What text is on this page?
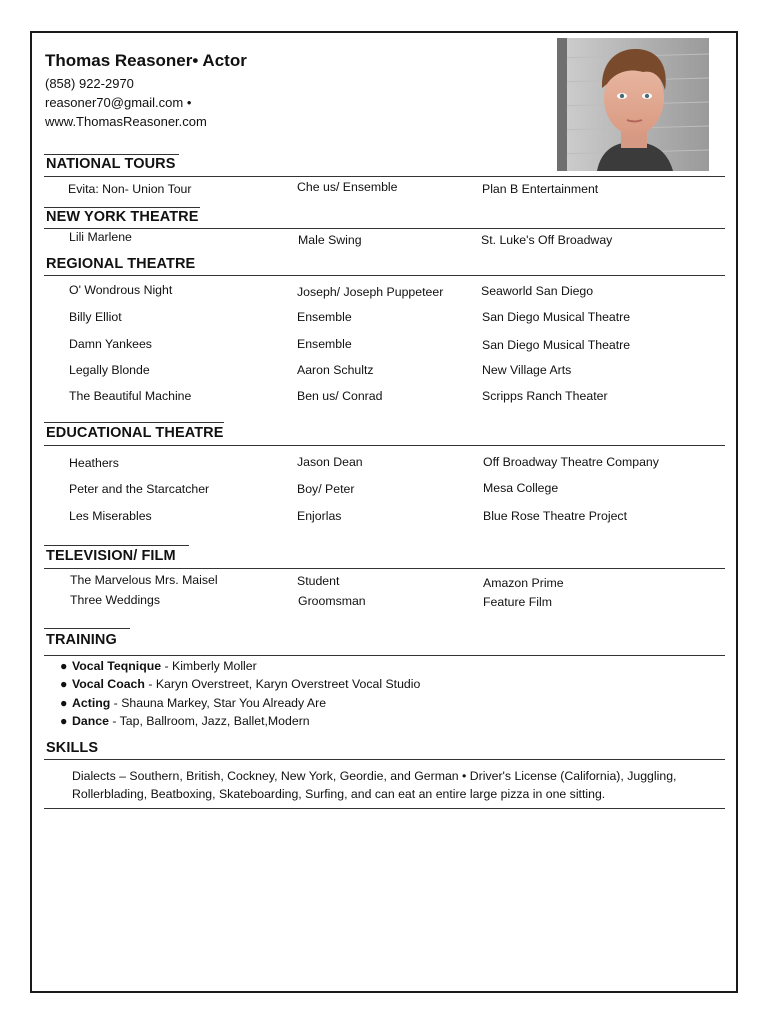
Thomas Reasoner• Actor
(858) 922-2970
reasoner70@gmail.com •
www.ThomasReasoner.com
NATIONAL TOURS
Evita: Non- Union Tour	Che us/ Ensemble	Plan B Entertainment
NEW YORK THEATRE
Lili Marlene	Male Swing	St. Luke's Off Broadway
REGIONAL THEATRE
O' Wondrous Night	Joseph/ Joseph Puppeteer	Seaworld San Diego
Billy Elliot	Ensemble	San Diego Musical Theatre
Damn Yankees	Ensemble	San Diego Musical Theatre
Legally Blonde	Aaron Schultz	New Village Arts
The Beautiful Machine	Ben us/ Conrad	Scripps Ranch Theater
EDUCATIONAL THEATRE
Heathers	Jason Dean	Off Broadway Theatre Company
Peter and the Starcatcher	Boy/ Peter	Mesa College
Les Miserables	Enjorlas	Blue Rose Theatre Project
TELEVISION/ FILM
The Marvelous Mrs. Maisel	Student	Amazon Prime
Three Weddings	Groomsman	Feature Film
TRAINING
● Vocal Teqnique - Kimberly Moller
● Vocal Coach - Karyn Overstreet, Karyn Overstreet Vocal Studio
● Acting - Shauna Markey, Star You Already Are
● Dance - Tap, Ballroom, Jazz, Ballet,Modern
SKILLS
Dialects – Southern, British, Cockney, New York, Geordie, and German • Driver's License (California), Juggling, Rollerblading, Beatboxing, Skateboarding, Surfing, and can eat an entire large pizza in one sitting.
